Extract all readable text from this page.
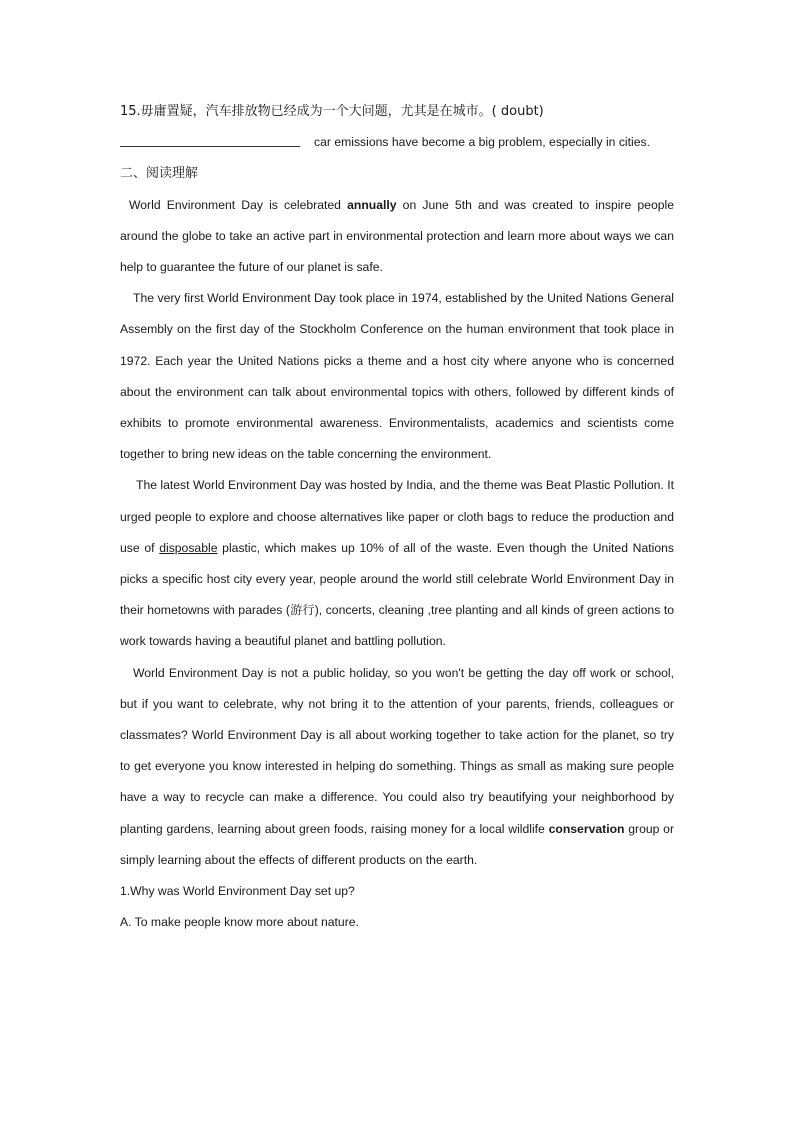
15.毋庸置疑，汽车排放物已经成为一个大问题，尤其是在城市。( doubt)

car emissions have become a big problem, especially in cities.

二、阅读理解

World Environment Day is celebrated annually on June 5th and was created to inspire people around the globe to take an active part in environmental protection and learn more about ways we can help to guarantee the future of our planet is safe.

The very first World Environment Day took place in 1974, established by the United Nations General Assembly on the first day of the Stockholm Conference on the human environment that took place in 1972. Each year the United Nations picks a theme and a host city where anyone who is concerned about the environment can talk about environmental topics with others, followed by different kinds of exhibits to promote environmental awareness. Environmentalists, academics and scientists come together to bring new ideas on the table concerning the environment.

The latest World Environment Day was hosted by India, and the theme was Beat Plastic Pollution. It urged people to explore and choose alternatives like paper or cloth bags to reduce the production and use of disposable plastic, which makes up 10% of all of the waste. Even though the United Nations picks a specific host city every year, people around the world still celebrate World Environment Day in their hometowns with parades (游行), concerts, cleaning ,tree planting and all kinds of green actions to work towards having a beautiful planet and battling pollution.

World Environment Day is not a public holiday, so you won't be getting the day off work or school, but if you want to celebrate, why not bring it to the attention of your parents, friends, colleagues or classmates? World Environment Day is all about working together to take action for the planet, so try to get everyone you know interested in helping do something. Things as small as making sure people have a way to recycle can make a difference. You could also try beautifying your neighborhood by planting gardens, learning about green foods, raising money for a local wildlife conservation group or simply learning about the effects of different products on the earth.

1.Why was World Environment Day set up?

A. To make people know more about nature.
